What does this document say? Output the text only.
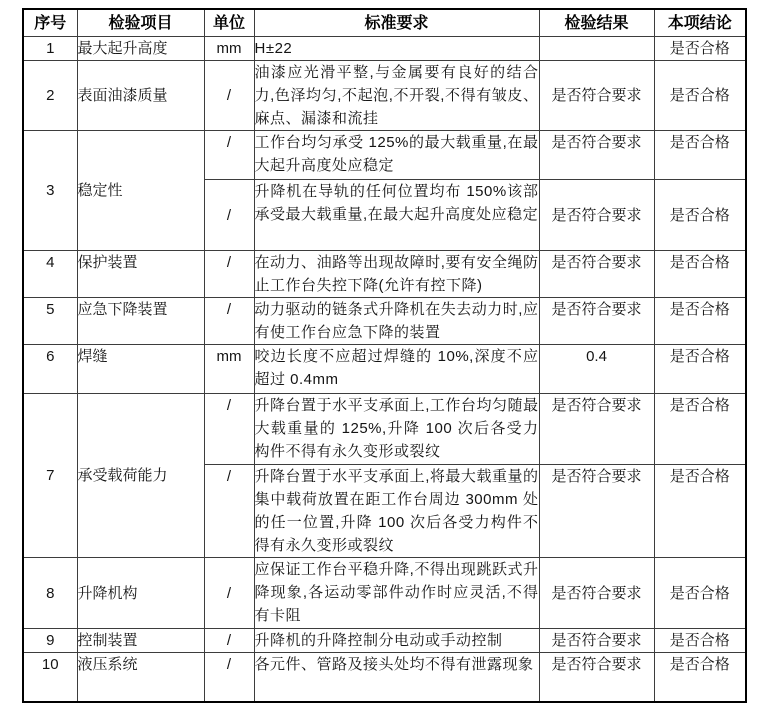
序号	检验项目	单位	标准要求	检验结果	本项结论
1	最大起升高度	mm	H±22		是否合格
2	表面油漆质量	/	油漆应光滑平整,与金属要有良好的结合力,色泽均匀,不起泡,不开裂,不得有皱皮、麻点、漏漆和流挂	是否符合要求	是否合格
3	稳定性	/	工作台均匀承受 125%的最大载重量,在最大起升高度处应稳定	是否符合要求	是否合格
		/	升降机在导轨的任何位置均布 150%该部承受最大载重量,在最大起升高度处应稳定	是否符合要求	是否合格
4	保护装置	/	在动力、油路等出现故障时,要有安全绳防止工作台失控下降(允许有控下降)	是否符合要求	是否合格
5	应急下降装置	/	动力驱动的链条式升降机在失去动力时,应有使工作台应急下降的装置	是否符合要求	是否合格
6	焊缝	mm	咬边长度不应超过焊缝的 10%,深度不应超过 0.4mm	0.4	是否合格
7	承受载荷能力	/	升降台置于水平支承面上,工作台均匀随最大载重量的 125%,升降 100 次后各受力构件不得有永久变形或裂纹	是否符合要求	是否合格
		/	升降台置于水平支承面上,将最大载重量的集中载荷放置在距工作台周边 300mm 处的任一位置,升降 100 次后各受力构件不得有永久变形或裂纹	是否符合要求	是否合格
8	升降机构	/	应保证工作台平稳升降,不得出现跳跃式升降现象,各运动零部件动作时应灵活,不得有卡阻	是否符合要求	是否合格
9	控制装置	/	升降机的升降控制分电动或手动控制	是否符合要求	是否合格
10	液压系统	/	各元件、管路及接头处均不得有泄露现象	是否符合要求	是否合格
